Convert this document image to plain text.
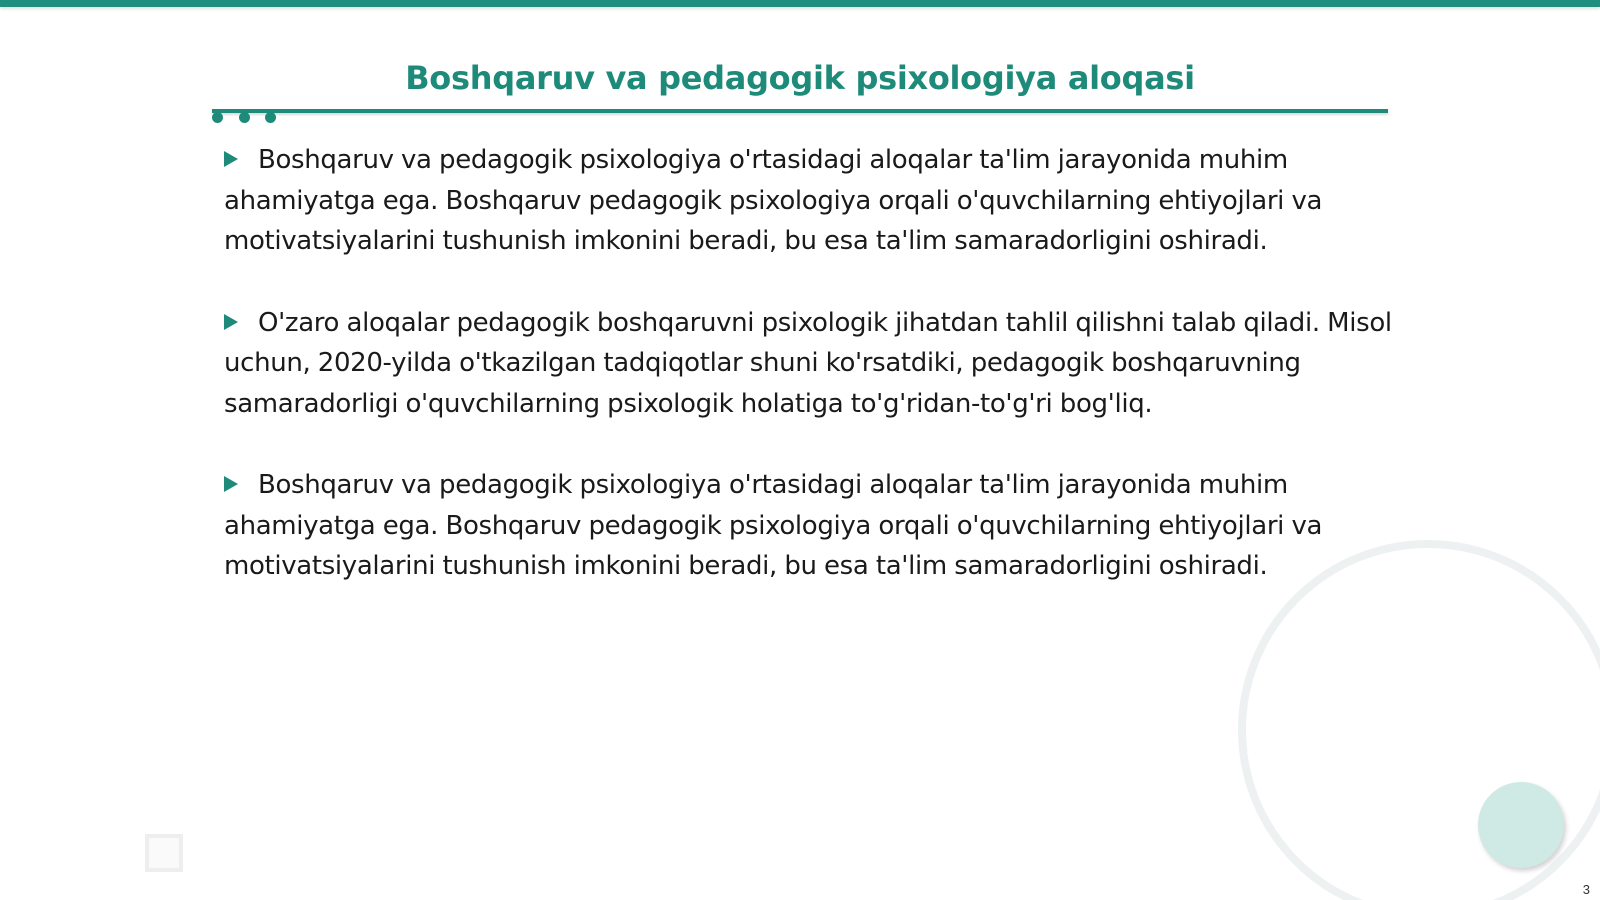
Boshqaruv va pedagogik psixologiya aloqasi

Boshqaruv va pedagogik psixologiya o'rtasidagi aloqalar ta'lim jarayonida muhim ahamiyatga ega. Boshqaruv pedagogik psixologiya orqali o'quvchilarning ehtiyojlari va motivatsiyalarini tushunish imkonini beradi, bu esa ta'lim samaradorligini oshiradi.

O'zaro aloqalar pedagogik boshqaruvni psixologik jihatdan tahlil qilishni talab qiladi. Misol uchun, 2020-yilda o'tkazilgan tadqiqotlar shuni ko'rsatdiki, pedagogik boshqaruvning samaradorligi o'quvchilarning psixologik holatiga to'g'ridan-to'g'ri bog'liq.

Boshqaruv va pedagogik psixologiya o'rtasidagi aloqalar ta'lim jarayonida muhim ahamiyatga ega. Boshqaruv pedagogik psixologiya orqali o'quvchilarning ehtiyojlari va motivatsiyalarini tushunish imkonini beradi, bu esa ta'lim samaradorligini oshiradi.

3
